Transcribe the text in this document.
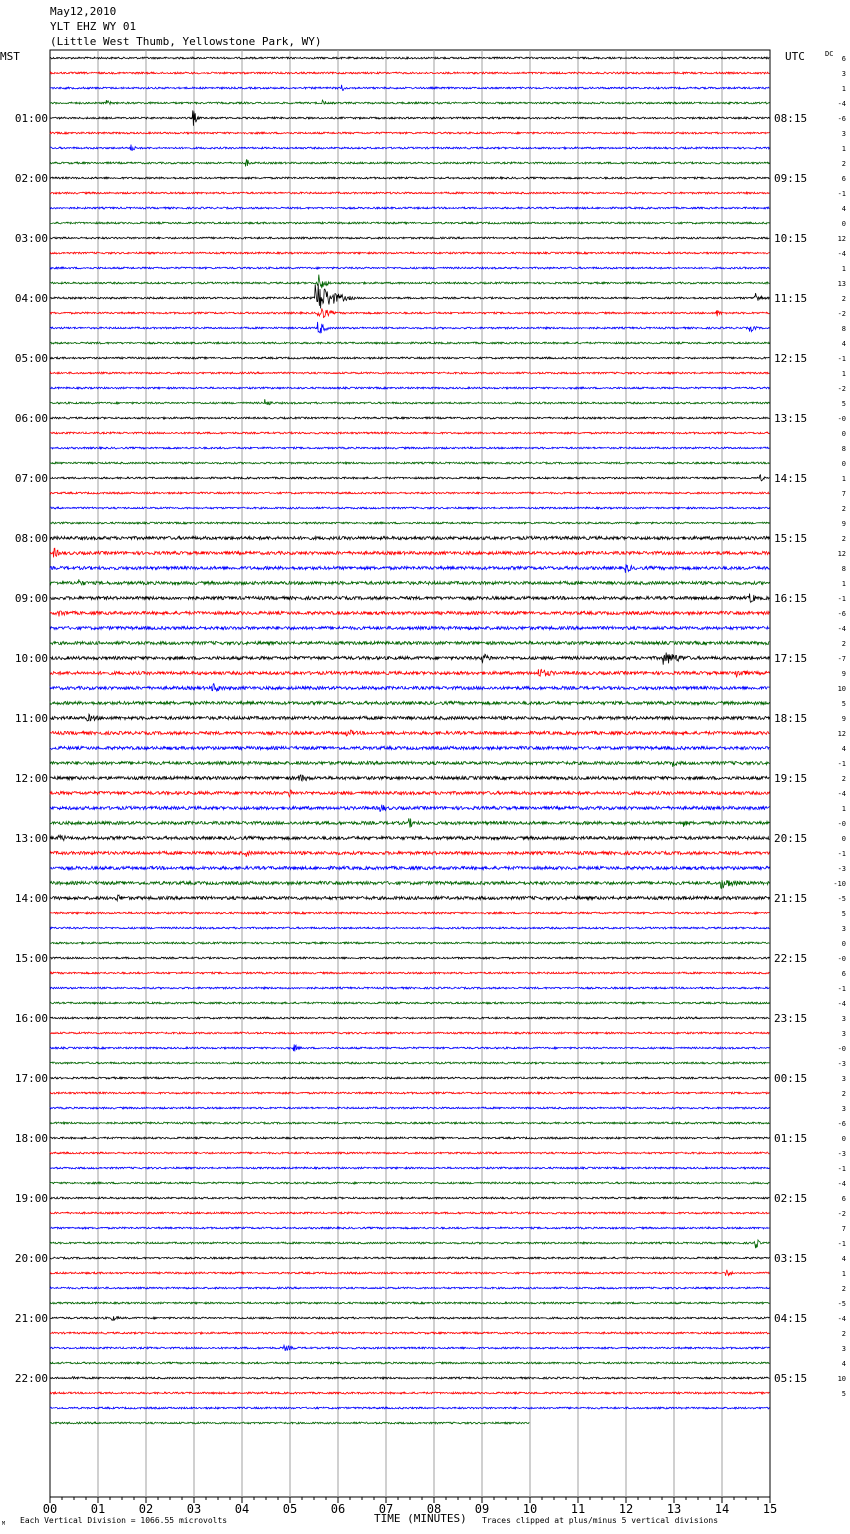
May12,2010
YLT EHZ WY 01
(Little West Thumb, Yellowstone Park, WY)
MST	UTC	DC
TIME (MINUTES)
Each Vertical Division = 1066.55 microvolts	Traces clipped at plus/minus 5 vertical divisions
M
00	01	02	03	04	05	06	07	08	09	10	11	12	13	14	15
6
3
1
-4
-6
01:00	08:15
3
1
2
6
02:00	09:15
-1
4
0
12
03:00	10:15
-4
1
13
2
04:00	11:15
-2
8
4
-1
05:00	12:15
1
-2
5
-0
06:00	13:15
0
8
0
1
07:00	14:15
7
2
9
2
08:00	15:15
12
8
1
-1
09:00	16:15
-6
-4
2
-7
10:00	17:15
9
10
5
9
11:00	18:15
12
4
-1
2
12:00	19:15
-4
1
-0
0
13:00	20:15
-1
-3
-10
-5
14:00	21:15
5
3
0
-0
15:00	22:15
6
-1
-4
3
16:00	23:15
3
-0
-3
3
17:00	00:15
2
3
-6
0
18:00	01:15
-3
-1
-4
6
19:00	02:15
-2
7
-1
4
20:00	03:15
1
2
-5
-4
21:00	04:15
2
3
4
10
22:00	05:15
5
